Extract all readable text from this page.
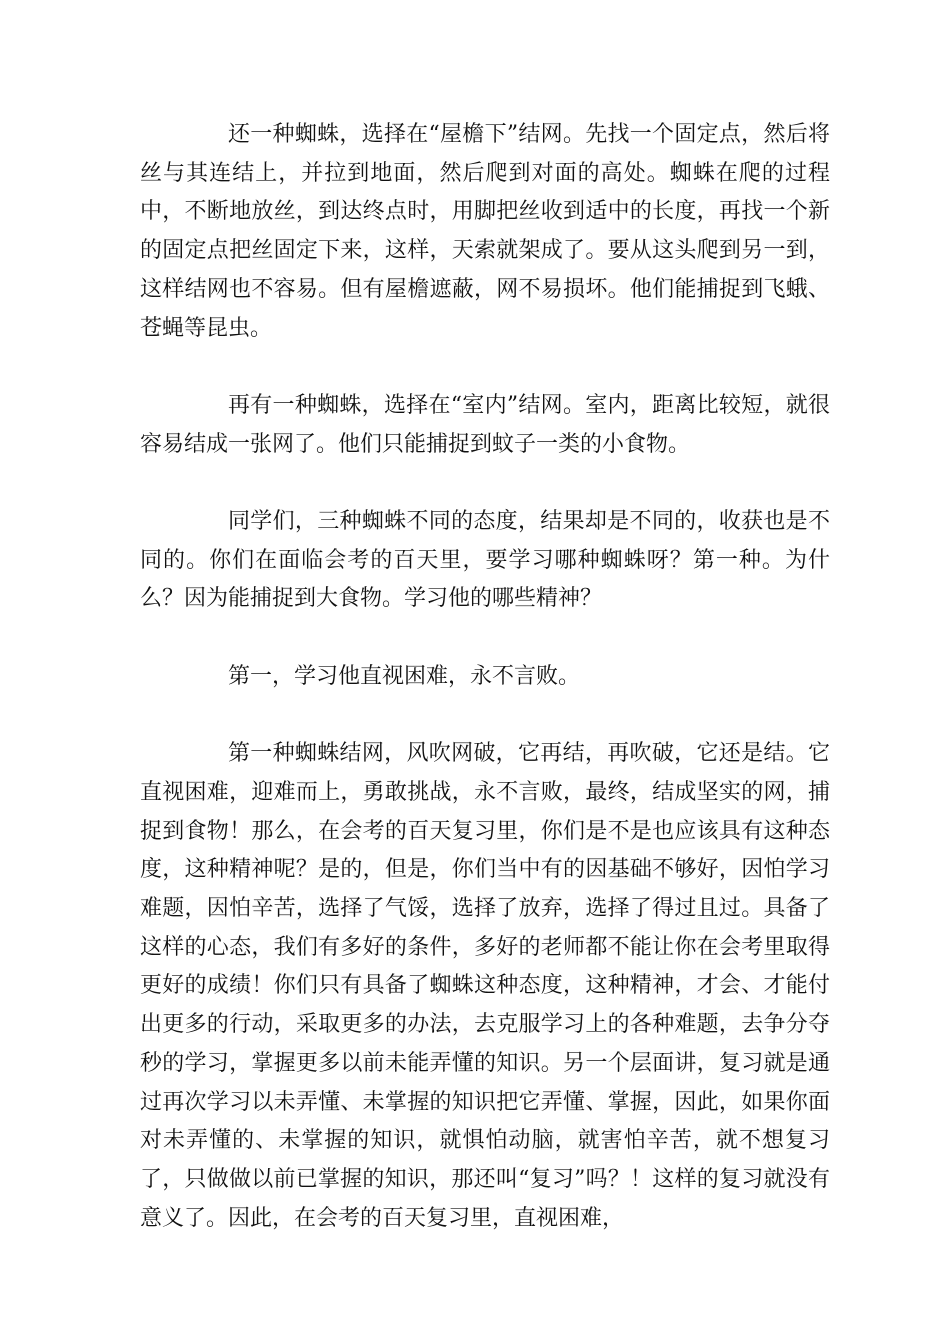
还一种蜘蛛，选择在“屋檐下”结网。先找一个固定点，然后将丝与其连结上，并拉到地面，然后爬到对面的高处。蜘蛛在爬的过程中，不断地放丝，到达终点时，用脚把丝收到适中的长度，再找一个新的固定点把丝固定下来，这样，天索就架成了。要从这头爬到另一到，这样结网也不容易。但有屋檐遮蔽，网不易损坏。他们能捕捉到飞蛾、苍蝇等昆虫。

再有一种蜘蛛，选择在“室内”结网。室内，距离比较短，就很容易结成一张网了。他们只能捕捉到蚊子一类的小食物。

同学们，三种蜘蛛不同的态度，结果却是不同的，收获也是不同的。你们在面临会考的百天里，要学习哪种蜘蛛呀？第一种。为什么？因为能捕捉到大食物。学习他的哪些精神？

第一，学习他直视困难，永不言败。

第一种蜘蛛结网，风吹网破，它再结，再吹破，它还是结。它直视困难，迎难而上，勇敢挑战，永不言败，最终，结成坚实的网，捕捉到食物！那么，在会考的百天复习里，你们是不是也应该具有这种态度，这种精神呢？是的，但是，你们当中有的因基础不够好，因怕学习难题，因怕辛苦，选择了气馁，选择了放弃，选择了得过且过。具备了这样的心态，我们有多好的条件，多好的老师都不能让你在会考里取得更好的成绩！你们只有具备了蜘蛛这种态度，这种精神，才会、才能付出更多的行动，采取更多的办法，去克服学习上的各种难题，去争分夺秒的学习，掌握更多以前未能弄懂的知识。另一个层面讲，复习就是通过再次学习以未弄懂、未掌握的知识把它弄懂、掌握，因此，如果你面对未弄懂的、未掌握的知识，就惧怕动脑，就害怕辛苦，就不想复习了，只做做以前已掌握的知识，那还叫“复习”吗？！这样的复习就没有意义了。因此，在会考的百天复习里，直视困难，
